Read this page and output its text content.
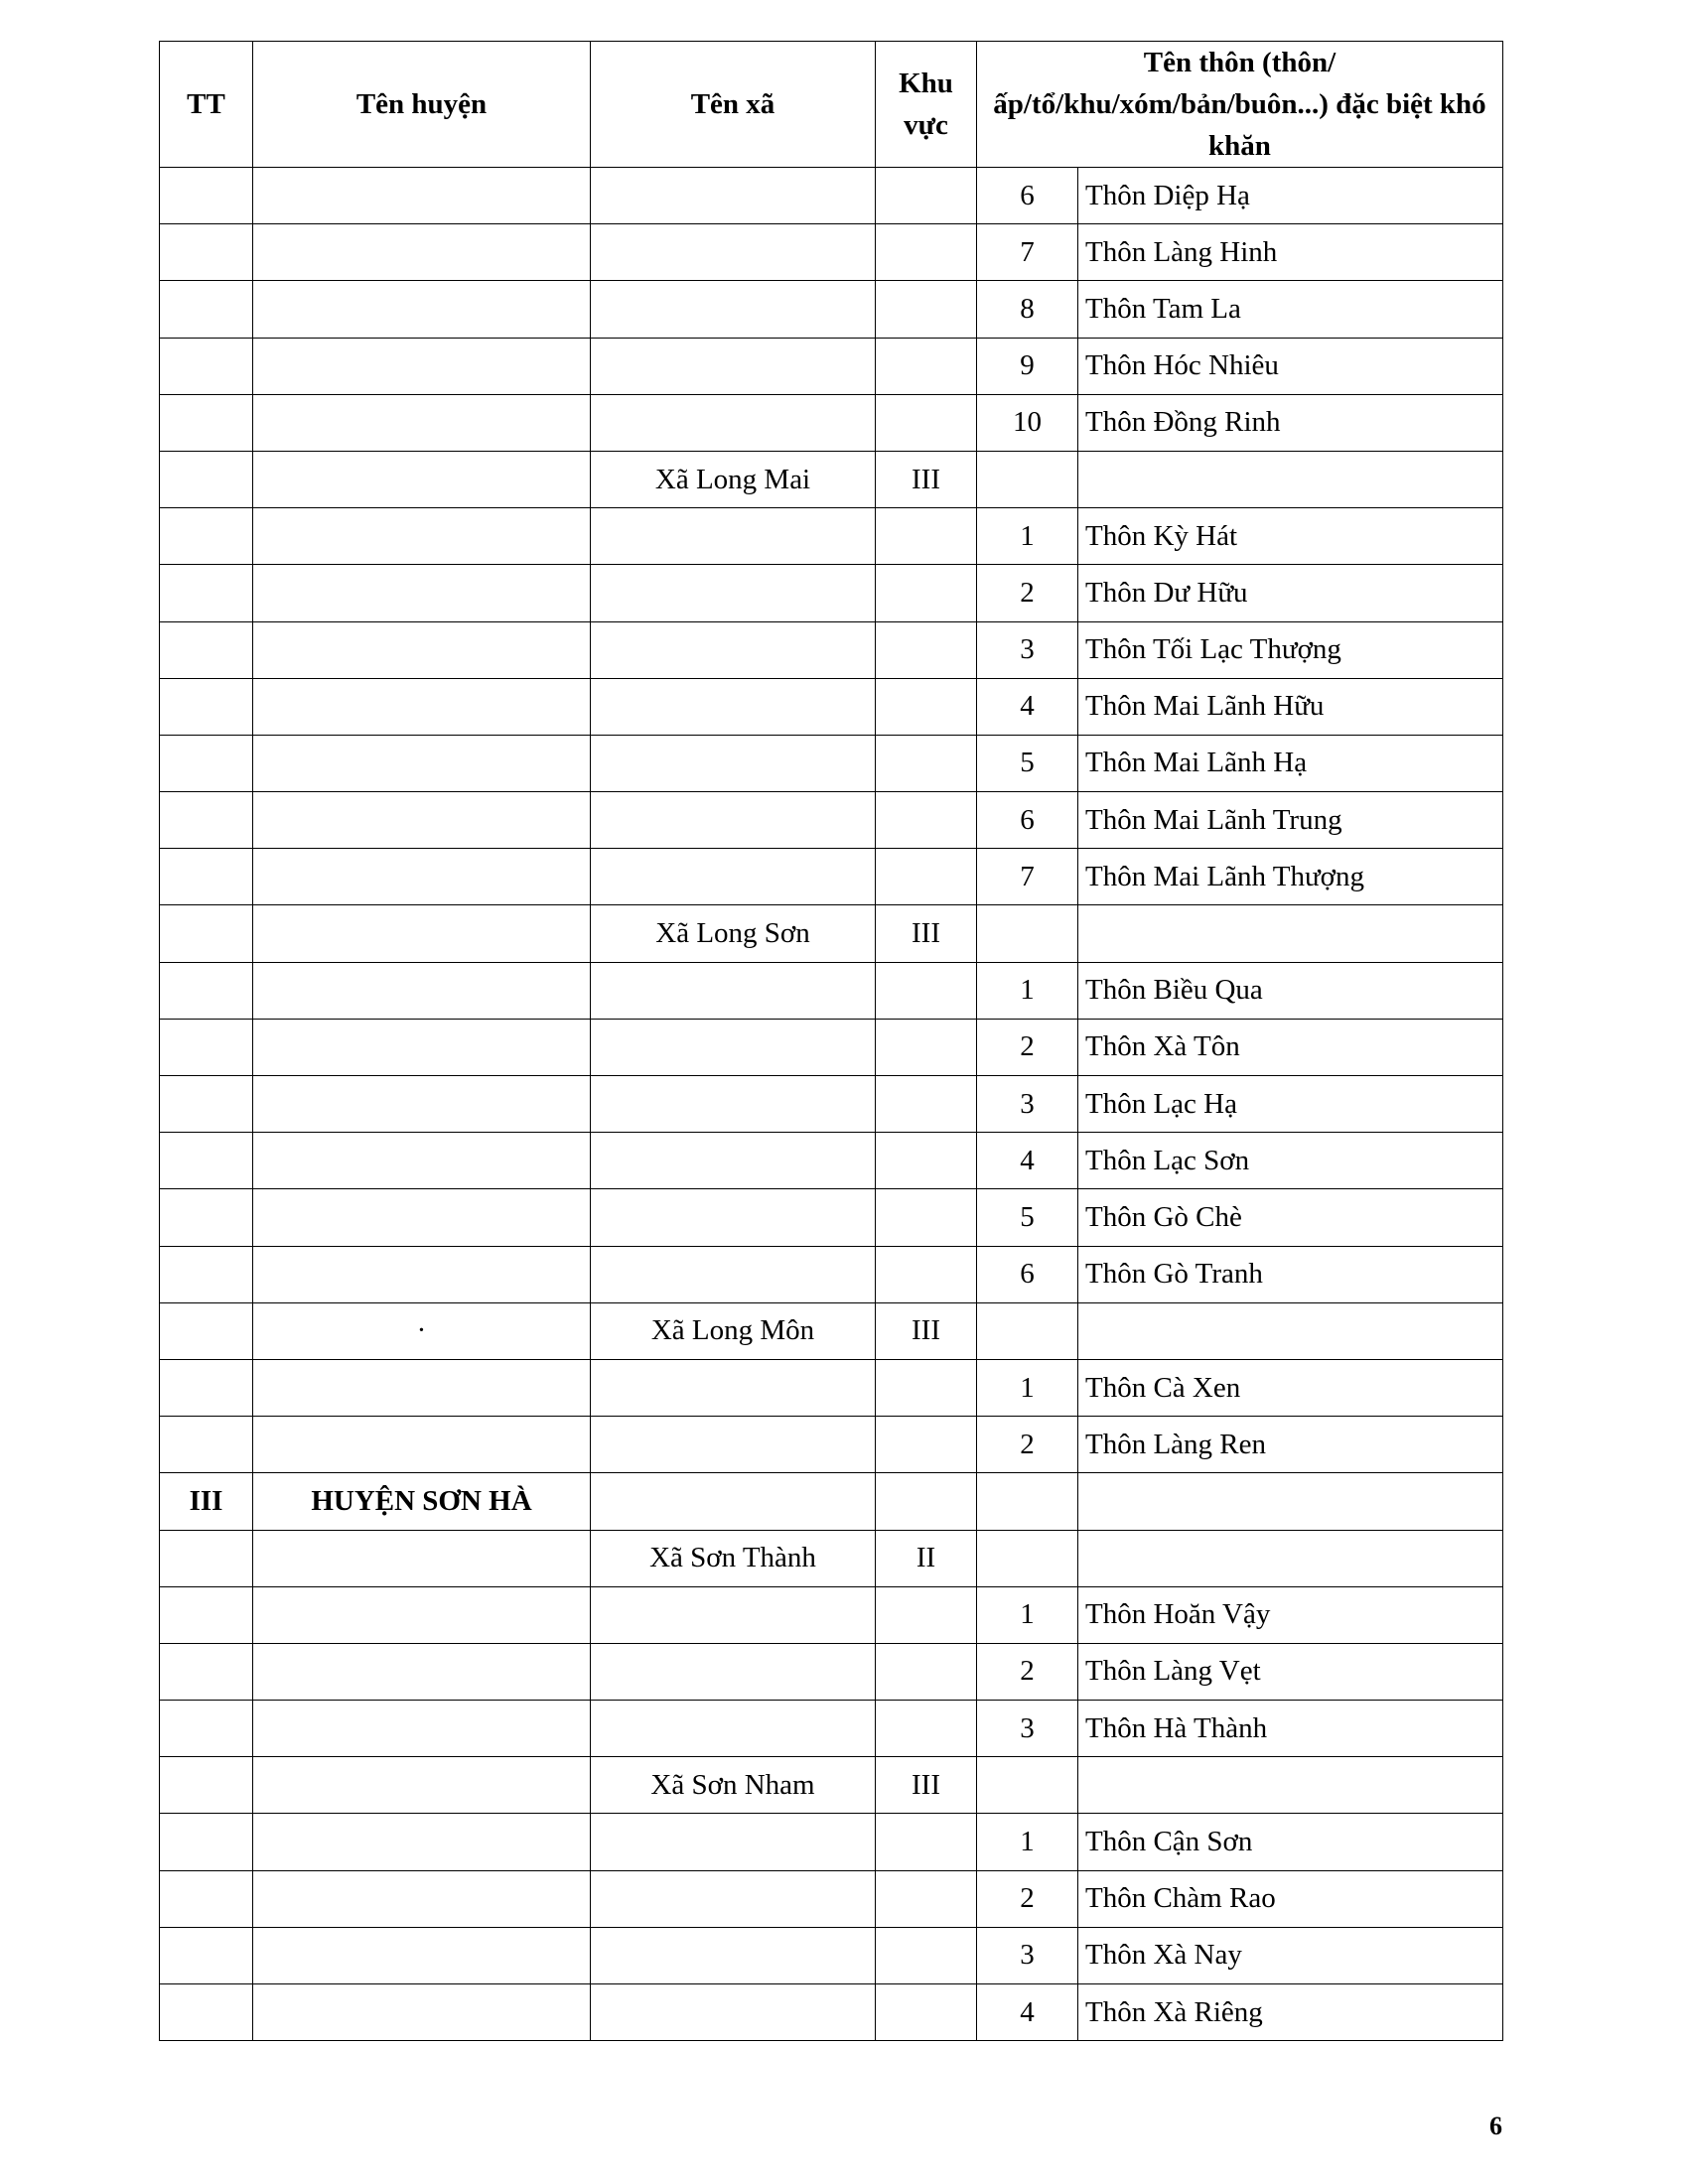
TT	Tên huyện	Tên xã	Khu vực	Tên thôn (thôn/ấp/tổ/khu/xóm/bản/buôn...) đặc biệt khó khăn	
				6	Thôn Diệp Hạ
				7	Thôn Làng Hinh
				8	Thôn Tam La
				9	Thôn Hóc Nhiêu
				10	Thôn Đồng Rinh
		Xã Long Mai	III		
				1	Thôn Kỳ Hát
				2	Thôn Dư Hữu
				3	Thôn Tối Lạc Thượng
				4	Thôn Mai Lãnh Hữu
				5	Thôn Mai Lãnh Hạ
				6	Thôn Mai Lãnh Trung
				7	Thôn Mai Lãnh Thượng
		Xã Long Sơn	III		
				1	Thôn Biều Qua
				2	Thôn Xà Tôn
				3	Thôn Lạc Hạ
				4	Thôn Lạc Sơn
				5	Thôn Gò Chè
				6	Thôn Gò Tranh
	·	Xã Long Môn	III		
				1	Thôn Cà Xen
				2	Thôn Làng Ren
III	HUYỆN SƠN HÀ				
		Xã Sơn Thành	II		
				1	Thôn Hoăn Vậy
				2	Thôn Làng Vẹt
				3	Thôn Hà Thành
		Xã Sơn Nham	III		
				1	Thôn Cận Sơn
				2	Thôn Chàm Rao
				3	Thôn Xà Nay
				4	Thôn Xà Riêng
6
